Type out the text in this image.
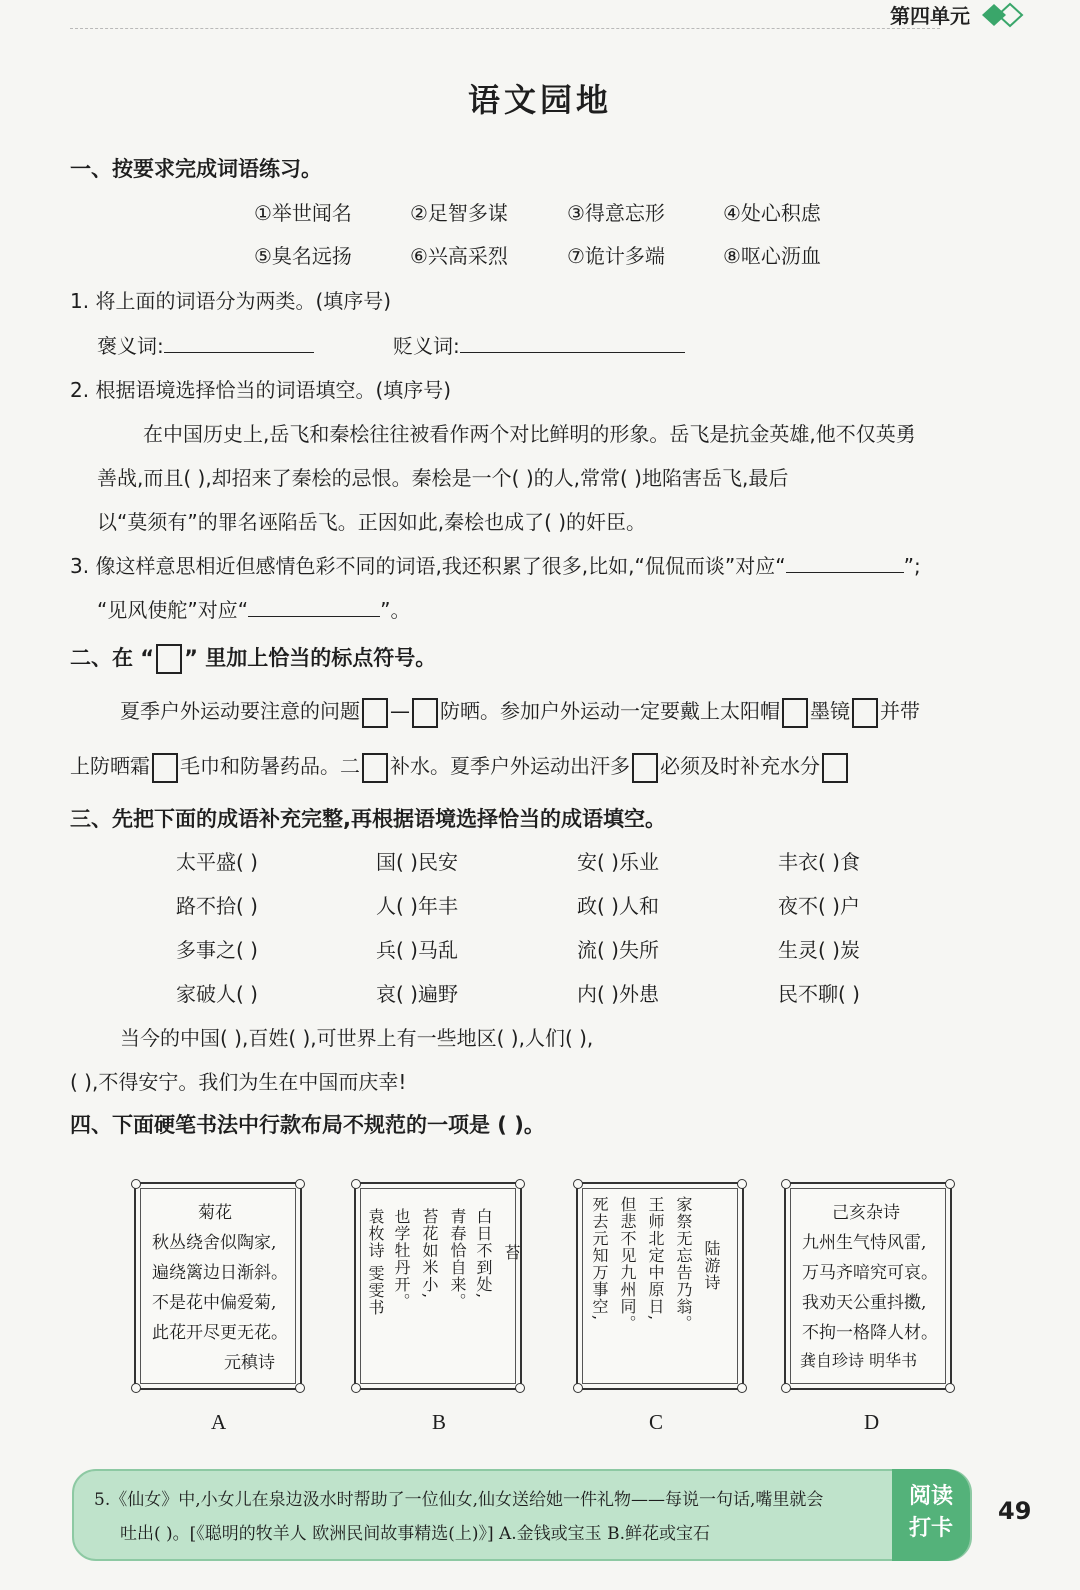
第四单元
语文园地
一、按要求完成词语练习。
①举世闻名	②足智多谋	③得意忘形	④处心积虑
⑤臭名远扬	⑥兴高采烈	⑦诡计多端	⑧呕心沥血
1. 将上面的词语分为两类。(填序号)
褒义词:	贬义词:
2. 根据语境选择恰当的词语填空。(填序号)
在中国历史上,岳飞和秦桧往往被看作两个对比鲜明的形象。岳飞是抗金英雄,他不仅英勇
善战,而且( ),却招来了秦桧的忌恨。秦桧是一个( )的人,常常( )地陷害岳飞,最后
以“莫须有”的罪名诬陷岳飞。正因如此,秦桧也成了( )的奸臣。
3. 像这样意思相近但感情色彩不同的词语,我还积累了很多,比如,“侃侃而谈”对应“	”;
“见风使舵”对应“	”。
二、在 “ ” 里加上恰当的标点符号。
夏季户外运动要注意的问题 — 防晒。参加户外运动一定要戴上太阳帽 墨镜 并带
上防晒霜 毛巾和防暑药品。二 补水。夏季户外运动出汗多 必须及时补充水分
三、先把下面的成语补充完整,再根据语境选择恰当的成语填空。
太平盛( )	国( )民安	安( )乐业	丰衣( )食
路不拾( )	人( )年丰	政( )人和	夜不( )户
多事之( )	兵( )马乱	流( )失所	生灵( )炭
家破人( )	哀( )遍野	内( )外患	民不聊( )
当今的中国( ),百姓( ),可世界上有一些地区( ),人们( ),
( ),不得安宁。我们为生在中国而庆幸!
四、下面硬笔书法中行款布局不规范的一项是 ( )。
菊花
秋丛绕舍似陶家,
遍绕篱边日渐斜。
不是花中偏爱菊,
此花开尽更无花。
元稹诗
苔
白日不到处,
青春恰自来。
苔花如米小,
也学牡丹开。
袁枚诗 雯雯书	陆游诗
家祭无忘告乃翁。
王师北定中原日,
但悲不见九州同。
死去元知万事空,	己亥杂诗
九州生气恃风雷,
万马齐喑究可哀。
我劝天公重抖擞,
不拘一格降人材。
龚自珍诗 明华书
A	B	C	D
5.《仙女》中,小女儿在泉边汲水时帮助了一位仙女,仙女送给她一件礼物——每说一句话,嘴里就会
吐出( )。[《聪明的牧羊人 欧洲民间故事精选(上)》] A.金钱或宝玉 B.鲜花或宝石
阅读
打卡
49
